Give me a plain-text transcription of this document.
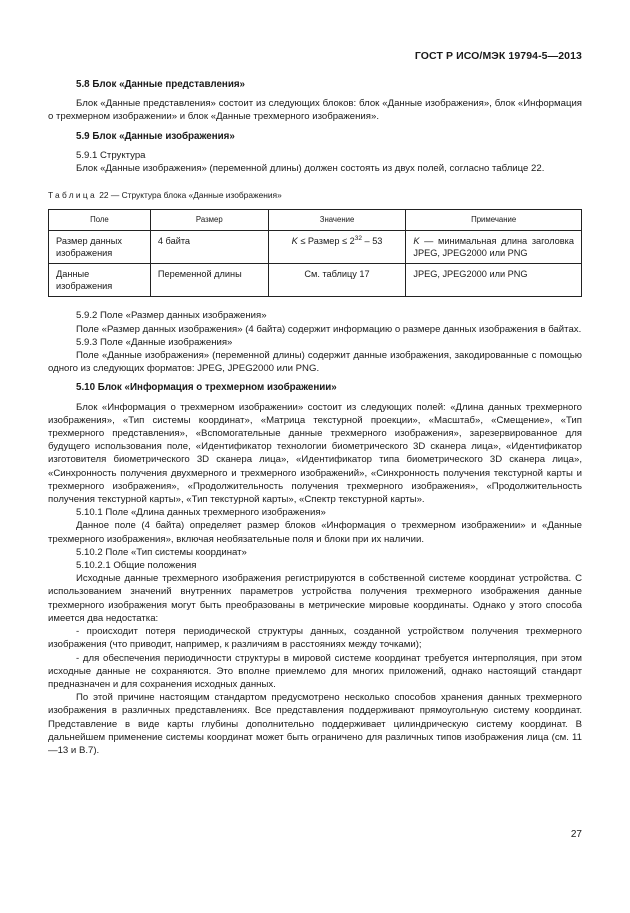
ГОСТ Р ИСО/МЭК 19794-5—2013
5.8 Блок «Данные представления»

Блок «Данные представления» состоит из следующих блоков: блок «Данные изображения», блок «Информация о трехмерном изображении» и блок «Данные трехмерного изображения».

5.9 Блок «Данные изображения»

5.9.1 Структура

Блок «Данные изображения» (переменной длины) должен состоять из двух полей, согласно таблице 22.

Таблица 22 — Структура блока «Данные изображения»
Поле	Размер	Значение	Примечание
Размер данных изображения	4 байта	K ≤ Размер ≤ $2^{32} - 53$	K — минимальная длина заголовка JPEG, JPEG2000 или PNG
Данные изображения	Переменной длины	См. таблицу 17	JPEG, JPEG2000 или PNG

5.9.2 Поле «Размер данных изображения»

Поле «Размер данных изображения» (4 байта) содержит информацию о размере данных изображения в байтах.

5.9.3 Поле «Данные изображения»

Поле «Данные изображения» (переменной длины) содержит данные изображения, закодированные с помощью одного из следующих форматов: JPEG, JPEG2000 или PNG.

5.10 Блок «Информация о трехмерном изображении»

Блок «Информация о трехмерном изображении» состоит из следующих полей: «Длина данных трехмерного изображения», «Тип системы координат», «Матрица текстурной проекции», «Масштаб», «Смещение», «Тип трехмерного представления», «Вспомогательные данные трехмерного изображения», зарезервированное для будущего использования поле, «Идентификатор технологии биометрического 3D сканера лица», «Идентификатор изготовителя биометрического 3D сканера лица», «Идентификатор типа биометрического 3D сканера лица», «Синхронность получения двухмерного и трехмерного изображений», «Синхронность получения текстурной карты и трехмерного изображения», «Продолжительность получения трехмерного изображения», «Продолжительность получения текстурной карты», «Тип текстурной карты», «Спектр текстурной карты».

5.10.1 Поле «Длина данных трехмерного изображения»

Данное поле (4 байта) определяет размер блоков «Информация о трехмерном изображении» и «Данные трехмерного изображения», включая необязательные поля и блоки при их наличии.

5.10.2 Поле «Тип системы координат»

5.10.2.1 Общие положения

Исходные данные трехмерного изображения регистрируются в собственной системе координат устройства. С использованием значений внутренних параметров устройства получения трехмерного изображения данные трехмерного изображения могут быть преобразованы в метрические мировые координаты. Однако у этого способа имеется два недостатка:

- происходит потеря периодической структуры данных, созданной устройством получения трехмерного изображения (что приводит, например, к различиям в расстояниях между точками);

- для обеспечения периодичности структуры в мировой системе координат требуется интерполяция, при этом исходные данные не сохраняются. Это вполне приемлемо для многих приложений, однако настоящий стандарт предназначен и для сохранения исходных данных.

По этой причине настоящим стандартом предусмотрено несколько способов хранения данных трехмерного изображения в различных представлениях. Все представления поддерживают прямоугольную систему координат. Представление в виде карты глубины дополнительно поддерживает цилиндрическую систему координат. В дальнейшем применение системы координат может быть ограничено для различных типов изображения лица (см. 11—13 и B.7).

27
